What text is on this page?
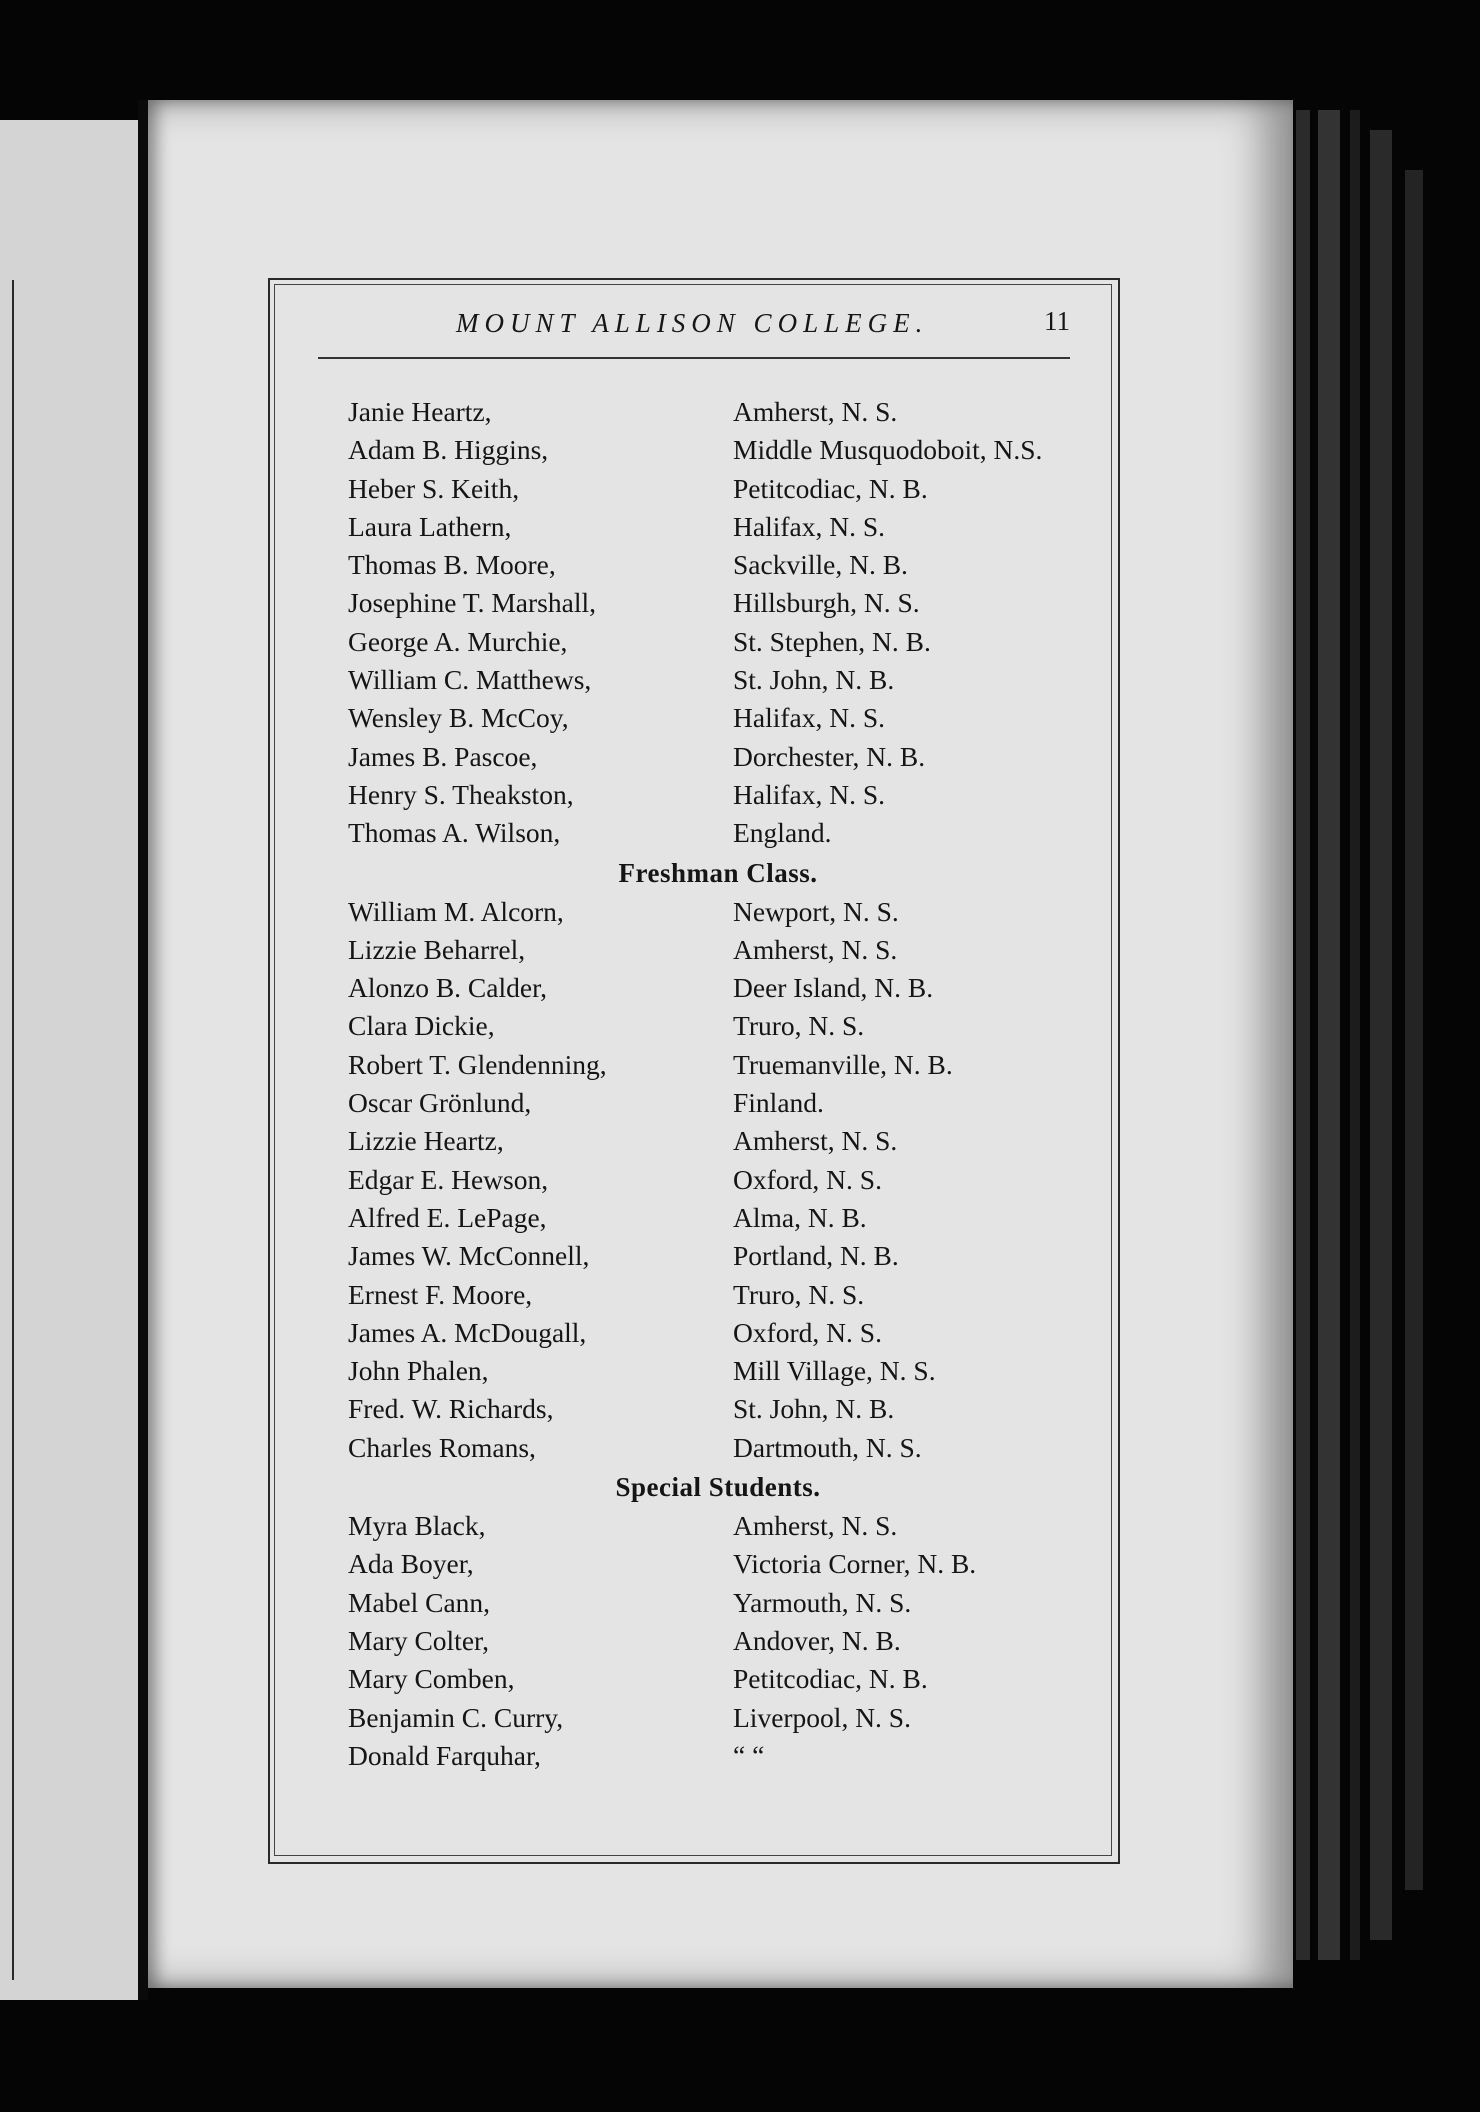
MOUNT ALLISON COLLEGE.	11
Janie Heartz,	Amherst, N. S.
Adam B. Higgins,	Middle Musquodoboit, N.S.
Heber S. Keith,	Petitcodiac, N. B.
Laura Lathern,	Halifax, N. S.
Thomas B. Moore,	Sackville, N. B.
Josephine T. Marshall,	Hillsburgh, N. S.
George A. Murchie,	St. Stephen, N. B.
William C. Matthews,	St. John, N. B.
Wensley B. McCoy,	Halifax, N. S.
James B. Pascoe,	Dorchester, N. B.
Henry S. Theakston,	Halifax, N. S.
Thomas A. Wilson,	England.
Freshman Class.
William M. Alcorn,	Newport, N. S.
Lizzie Beharrel,	Amherst, N. S.
Alonzo B. Calder,	Deer Island, N. B.
Clara Dickie,	Truro, N. S.
Robert T. Glendenning,	Truemanville, N. B.
Oscar Grönlund,	Finland.
Lizzie Heartz,	Amherst, N. S.
Edgar E. Hewson,	Oxford, N. S.
Alfred E. LePage,	Alma, N. B.
James W. McConnell,	Portland, N. B.
Ernest F. Moore,	Truro, N. S.
James A. McDougall,	Oxford, N. S.
John Phalen,	Mill Village, N. S.
Fred. W. Richards,	St. John, N. B.
Charles Romans,	Dartmouth, N. S.
Special Students.
Myra Black,	Amherst, N. S.
Ada Boyer,	Victoria Corner, N. B.
Mabel Cann,	Yarmouth, N. S.
Mary Colter,	Andover, N. B.
Mary Comben,	Petitcodiac, N. B.
Benjamin C. Curry,	Liverpool, N. S.
Donald Farquhar,	“ “
